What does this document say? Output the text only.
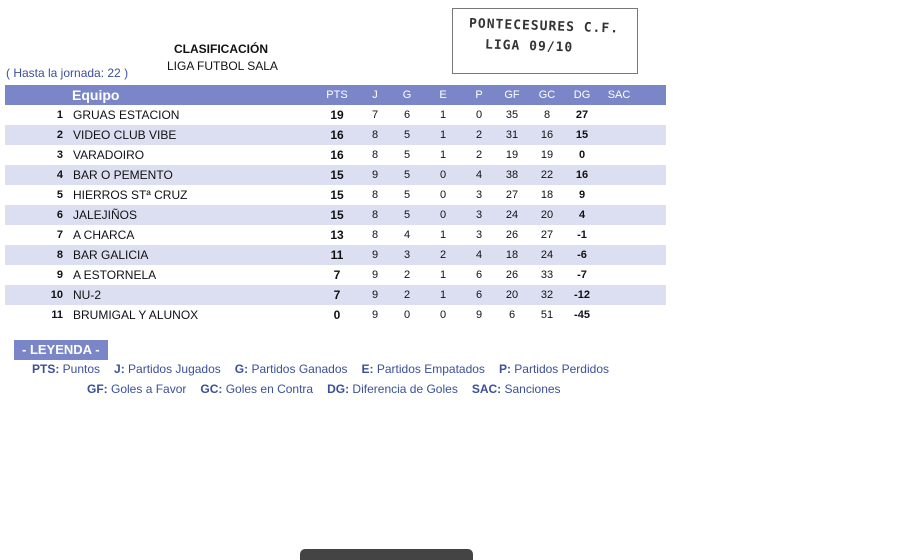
CLASIFICACIÓN
LIGA FUTBOL SALA
( Hasta la jornada: 22 )
PONTECESURES C.F.
LIGA 09/10
Equipo	PTS	J	G	E	P	GF	GC	DG	SAC
1 GRUAS ESTACION	19	7	6	1	0	35	8	27
2 VIDEO CLUB VIBE	16	8	5	1	2	31	16	15
3 VARADOIRO	16	8	5	1	2	19	19	0
4 BAR O PEMENTO	15	9	5	0	4	38	22	16
5 HIERROS STª CRUZ	15	8	5	0	3	27	18	9
6 JALEJIÑOS	15	8	5	0	3	24	20	4
7 A CHARCA	13	8	4	1	3	26	27	-1
8 BAR GALICIA	11	9	3	2	4	18	24	-6
9 A ESTORNELA	7	9	2	1	6	26	33	-7
10 NU-2	7	9	2	1	6	20	32	-12
11 BRUMIGAL Y ALUNOX	0	9	0	0	9	6	51	-45
- LEYENDA -
PTS: Puntos J: Partidos Jugados G: Partidos Ganados E: Partidos Empatados P: Partidos Perdidos
GF: Goles a Favor GC: Goles en Contra DG: Diferencia de Goles SAC: Sanciones
